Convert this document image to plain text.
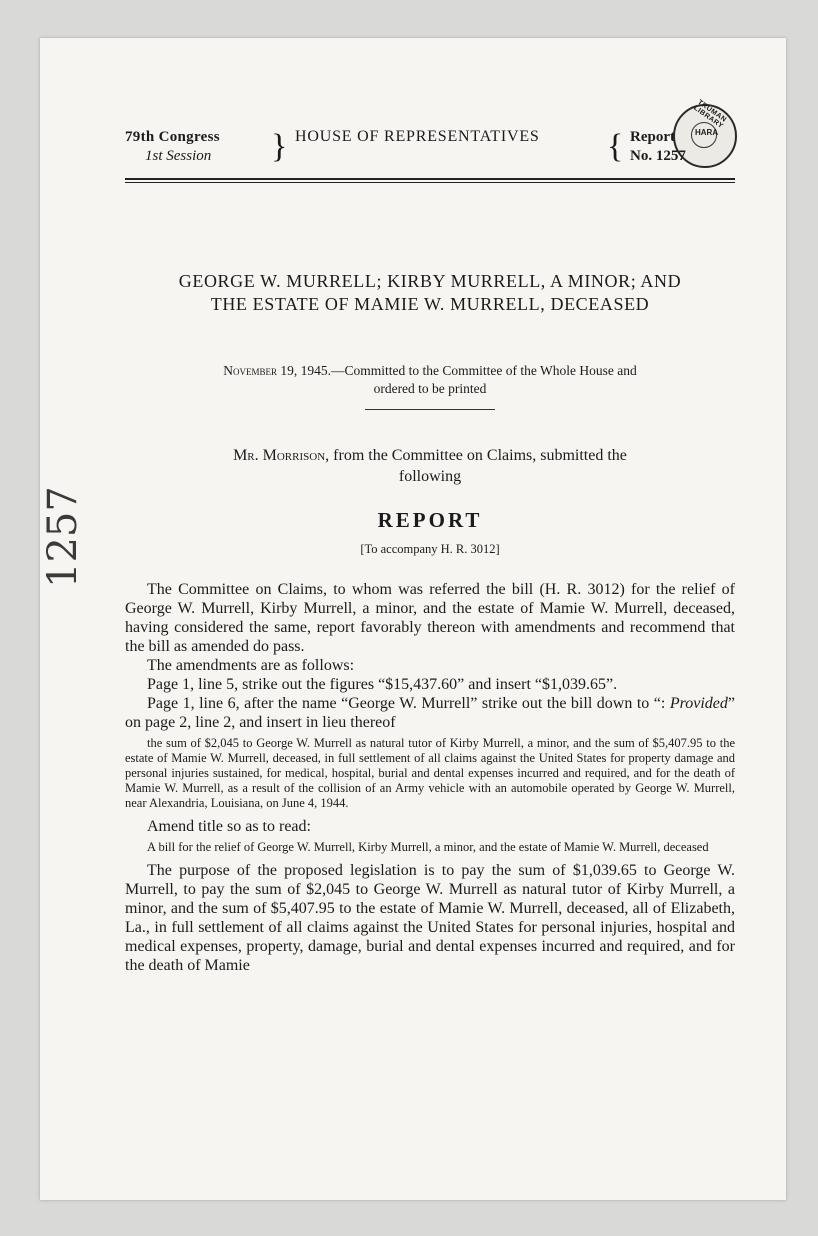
TRUMAN LIBRARY
HARA
1257
79th Congress
1st Session } HOUSE OF REPRESENTATIVES { Report
No. 1257
GEORGE W. MURRELL; KIRBY MURRELL, A MINOR; AND
THE ESTATE OF MAMIE W. MURRELL, DECEASED
November 19, 1945.—Committed to the Committee of the Whole House and
ordered to be printed
Mr. Morrison, from the Committee on Claims, submitted the
following
REPORT
[To accompany H. R. 3012]

The Committee on Claims, to whom was referred the bill (H. R. 3012) for the relief of George W. Murrell, Kirby Murrell, a minor, and the estate of Mamie W. Murrell, deceased, having considered the same, report favorably thereon with amendments and recommend that the bill as amended do pass.

The amendments are as follows:

Page 1, line 5, strike out the figures “$15,437.60” and insert “$1,039.65”.

Page 1, line 6, after the name “George W. Murrell” strike out the bill down to “: Provided” on page 2, line 2, and insert in lieu thereof

the sum of $2,045 to George W. Murrell as natural tutor of Kirby Murrell, a minor, and the sum of $5,407.95 to the estate of Mamie W. Murrell, deceased, in full settlement of all claims against the United States for property damage and personal injuries sustained, for medical, hospital, burial and dental expenses incurred and required, and for the death of Mamie W. Murrell, as a result of the collision of an Army vehicle with an automobile operated by George W. Murrell, near Alexandria, Louisiana, on June 4, 1944.

Amend title so as to read:

A bill for the relief of George W. Murrell, Kirby Murrell, a minor, and the estate of Mamie W. Murrell, deceased

The purpose of the proposed legislation is to pay the sum of $1,039.65 to George W. Murrell, to pay the sum of $2,045 to George W. Murrell as natural tutor of Kirby Murrell, a minor, and the sum of $5,407.95 to the estate of Mamie W. Murrell, deceased, all of Elizabeth, La., in full settlement of all claims against the United States for personal injuries, hospital and medical expenses, property, damage, burial and dental expenses incurred and required, and for the death of Mamie
